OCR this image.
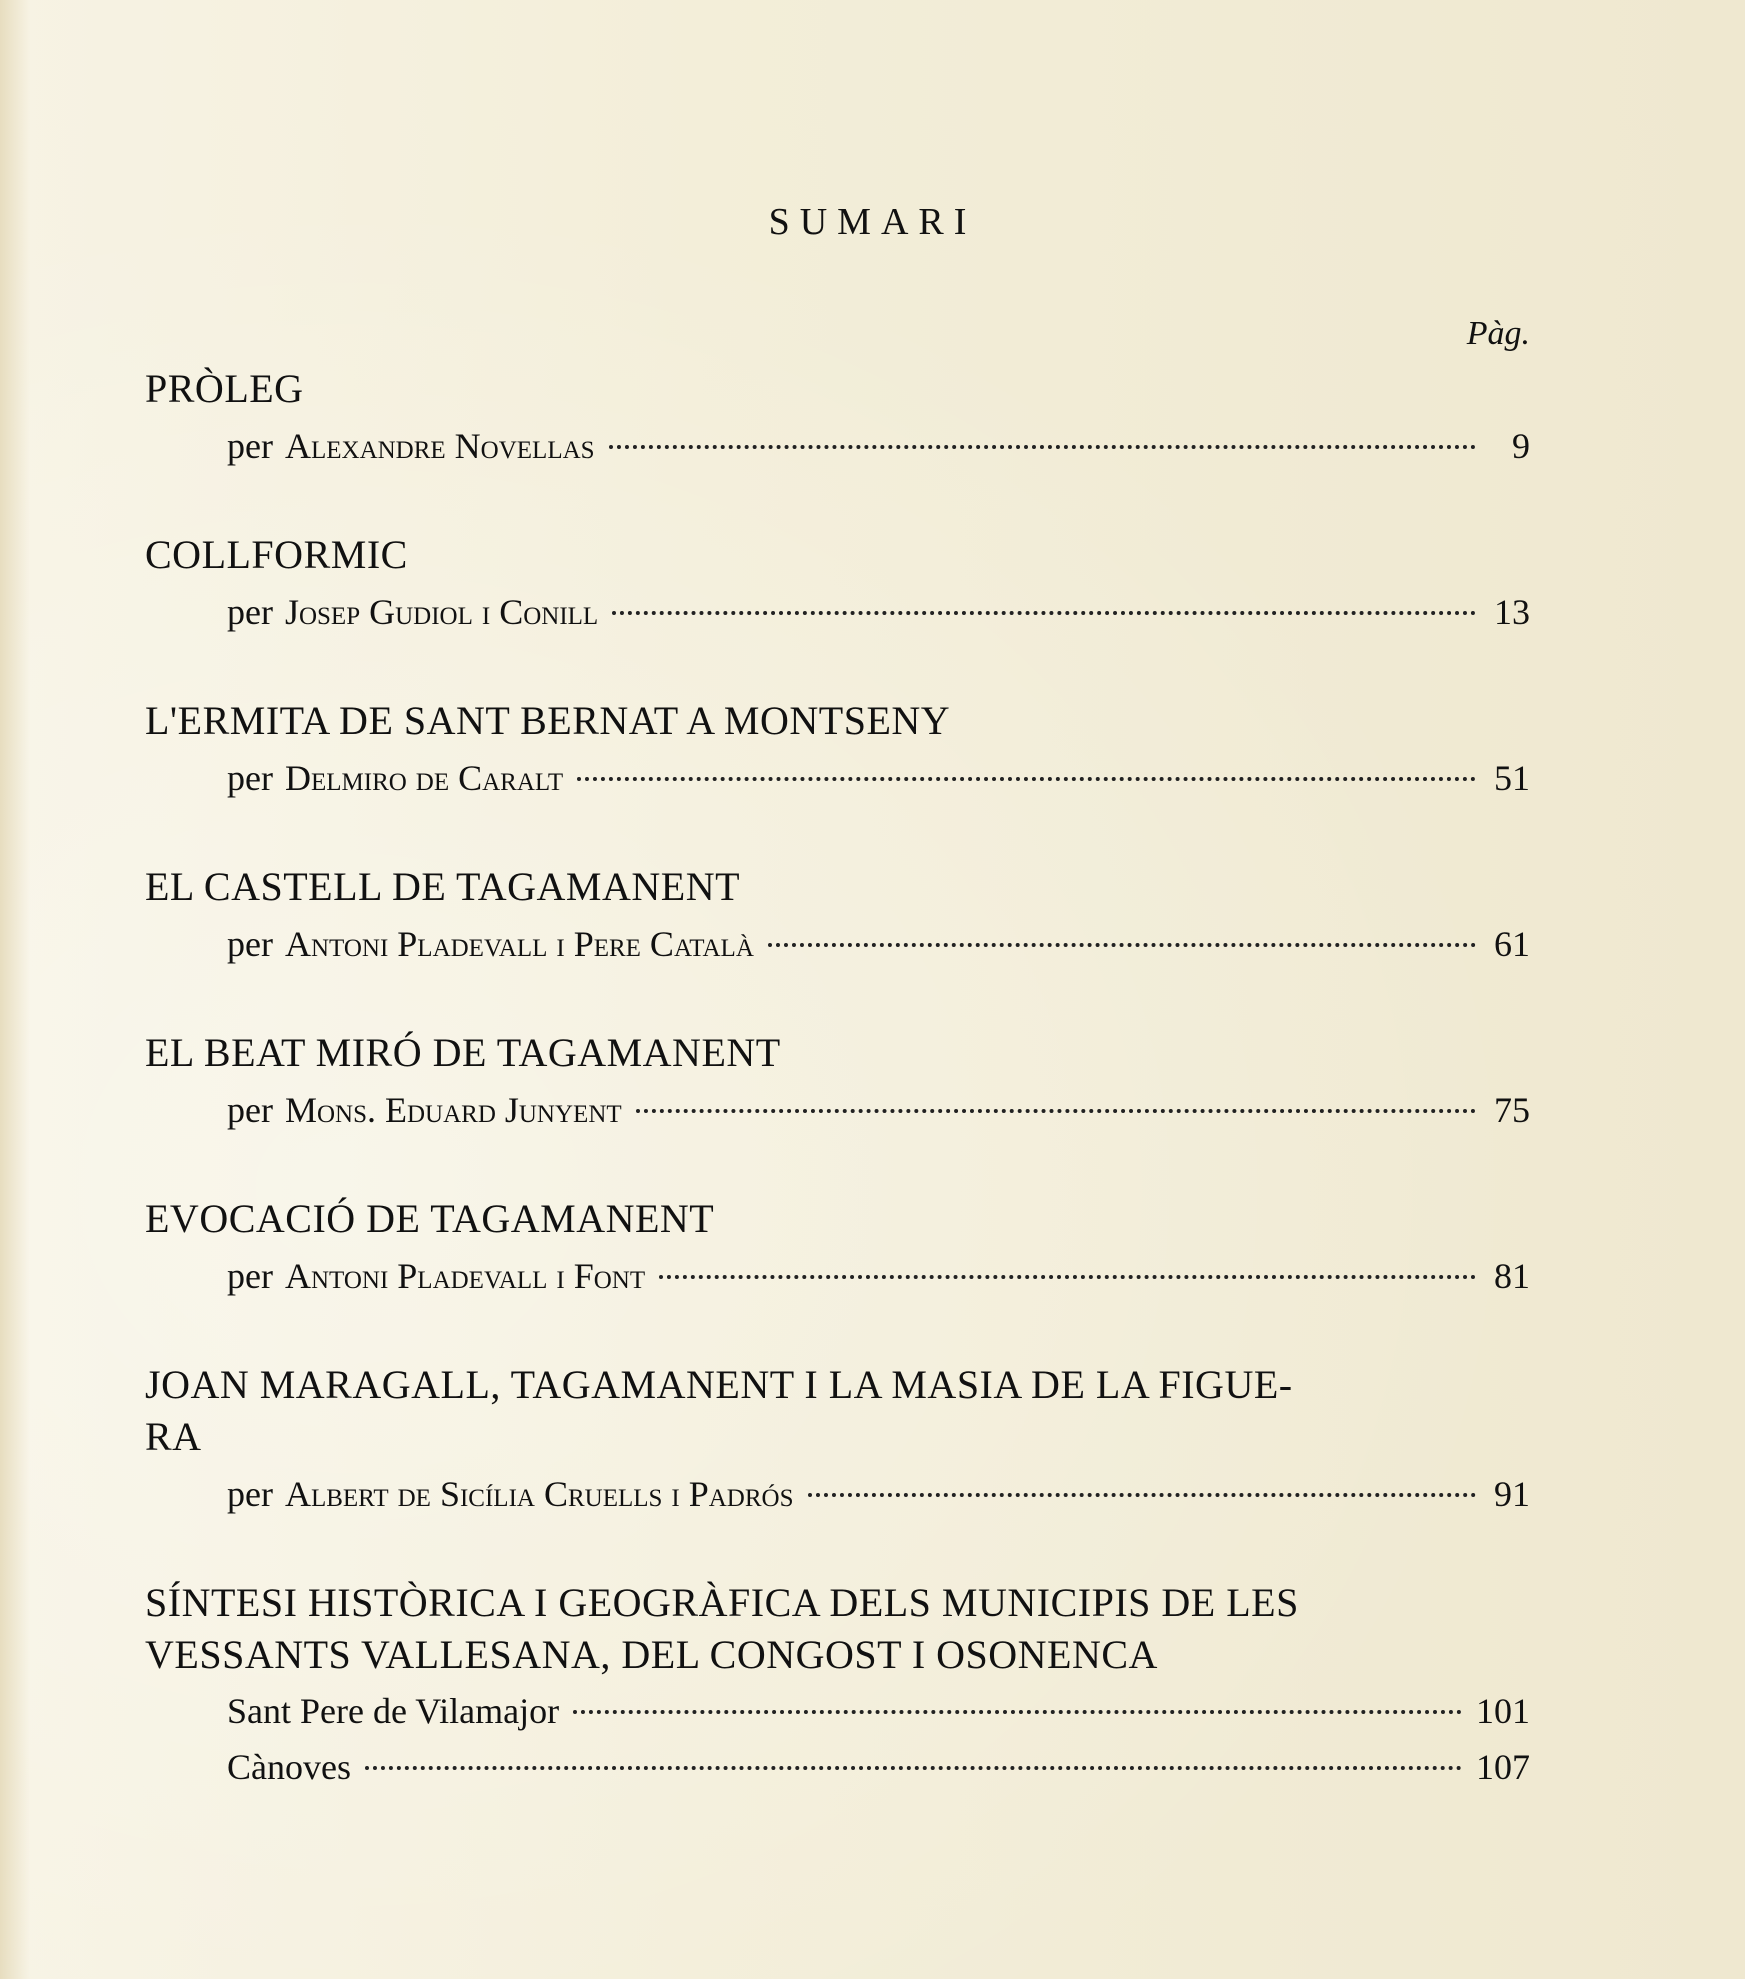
SUMARI
Pàg.
PRÒLEG
per Alexandre Novellas	9
COLLFORMIC
per Josep Gudiol i Conill	13
L'ERMITA DE SANT BERNAT A MONTSENY
per Delmiro de Caralt	51
EL CASTELL DE TAGAMANENT
per Antoni Pladevall i Pere Català	61
EL BEAT MIRÓ DE TAGAMANENT
per Mons. Eduard Junyent	75
EVOCACIÓ DE TAGAMANENT
per Antoni Pladevall i Font	81
JOAN MARAGALL, TAGAMANENT I LA MASIA DE LA FIGUE-
RA
per Albert de Sicília Cruells i Padrós	91
SÍNTESI HISTÒRICA I GEOGRÀFICA DELS MUNICIPIS DE LES
VESSANTS VALLESANA, DEL CONGOST I OSONENCA
Sant Pere de Vilamajor	101
Cànoves	107
